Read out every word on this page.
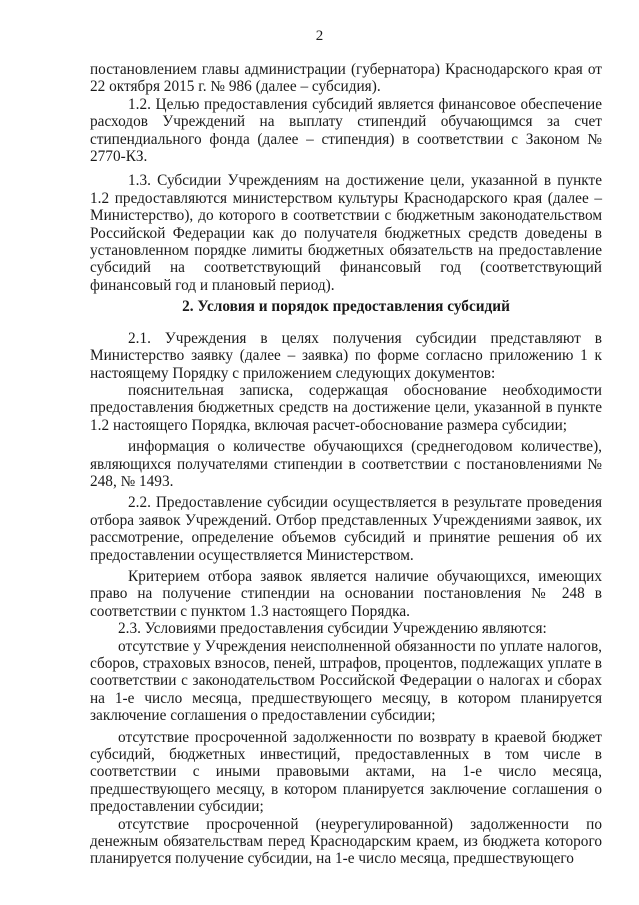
2

постановлением главы администрации (губернатора) Краснодарского края от 22 октября 2015 г. № 986 (далее – субсидия).

1.2. Целью предоставления субсидий является финансовое обеспечение расходов Учреждений на выплату стипендий обучающимся за счет стипендиального фонда (далее – стипендия) в соответствии с Законом № 2770-КЗ.

1.3. Субсидии Учреждениям на достижение цели, указанной в пункте 1.2 предоставляются министерством культуры Краснодарского края (далее – Министерство), до которого в соответствии с бюджетным законодательством Российской Федерации как до получателя бюджетных средств доведены в установленном порядке лимиты бюджетных обязательств на предоставление субсидий на соответствующий финансовый год (соответствующий финансовый год и плановый период).

2. Условия и порядок предоставления субсидий

2.1. Учреждения в целях получения субсидии представляют в Министерство заявку (далее – заявка) по форме согласно приложению 1 к настоящему Порядку с приложением следующих документов:

пояснительная записка, содержащая обоснование необходимости предоставления бюджетных средств на достижение цели, указанной в пункте 1.2 настоящего Порядка, включая расчет-обоснование размера субсидии;

информация о количестве обучающихся (среднегодовом количестве), являющихся получателями стипендии в соответствии с постановлениями № 248, № 1493.

2.2. Предоставление субсидии осуществляется в результате проведения отбора заявок Учреждений. Отбор представленных Учреждениями заявок, их рассмотрение, определение объемов субсидий и принятие решения об их предоставлении осуществляется Министерством.

Критерием отбора заявок является наличие обучающихся, имеющих право на получение стипендии на основании постановления № 248 в соответствии с пунктом 1.3 настоящего Порядка.

2.3. Условиями предоставления субсидии Учреждению являются:

отсутствие у Учреждения неисполненной обязанности по уплате налогов, сборов, страховых взносов, пеней, штрафов, процентов, подлежащих уплате в соответствии с законодательством Российской Федерации о налогах и сборах на 1-е число месяца, предшествующего месяцу, в котором планируется заключение соглашения о предоставлении субсидии;

отсутствие просроченной задолженности по возврату в краевой бюджет субсидий, бюджетных инвестиций, предоставленных в том числе в соответствии с иными правовыми актами, на 1-е число месяца, предшествующего месяцу, в котором планируется заключение соглашения о предоставлении субсидии;

отсутствие просроченной (неурегулированной) задолженности по денежным обязательствам перед Краснодарским краем, из бюджета которого планируется получение субсидии, на 1-е число месяца, предшествующего
